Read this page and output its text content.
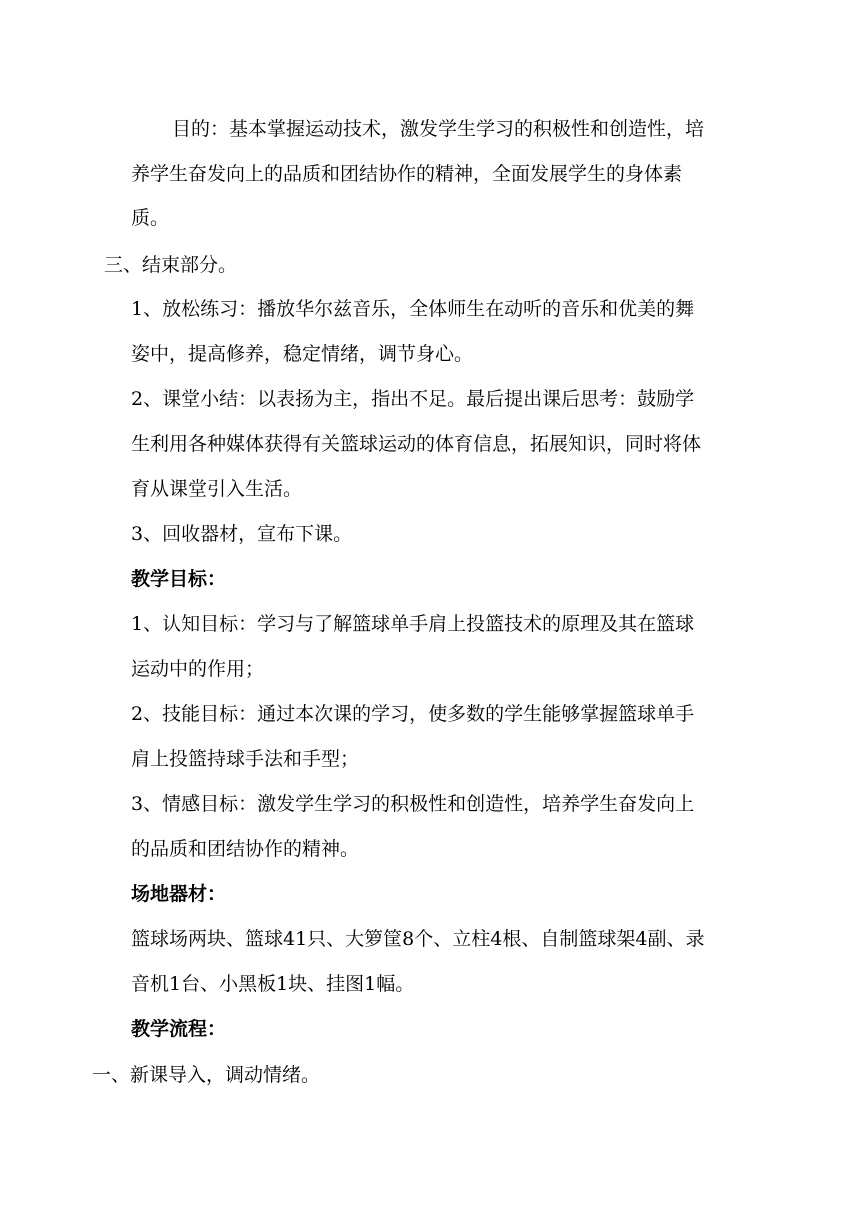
目的：基本掌握运动技术，激发学生学习的积极性和创造性，培

养学生奋发向上的品质和团结协作的精神，全面发展学生的身体素

质。

三、结束部分。

1、放松练习：播放华尔兹音乐，全体师生在动听的音乐和优美的舞

姿中，提高修养，稳定情绪，调节身心。

2、课堂小结：以表扬为主，指出不足。最后提出课后思考：鼓励学

生利用各种媒体获得有关篮球运动的体育信息，拓展知识，同时将体

育从课堂引入生活。

3、回收器材，宣布下课。

教学目标：

1、认知目标：学习与了解篮球单手肩上投篮技术的原理及其在篮球

运动中的作用；

2、技能目标：通过本次课的学习，使多数的学生能够掌握篮球单手

肩上投篮持球手法和手型；

3、情感目标：激发学生学习的积极性和创造性，培养学生奋发向上

的品质和团结协作的精神。

场地器材：

篮球场两块、篮球41只、大箩筐8个、立柱4根、自制篮球架4副、录

音机1台、小黑板1块、挂图1幅。

教学流程：

一、新课导入，调动情绪。
